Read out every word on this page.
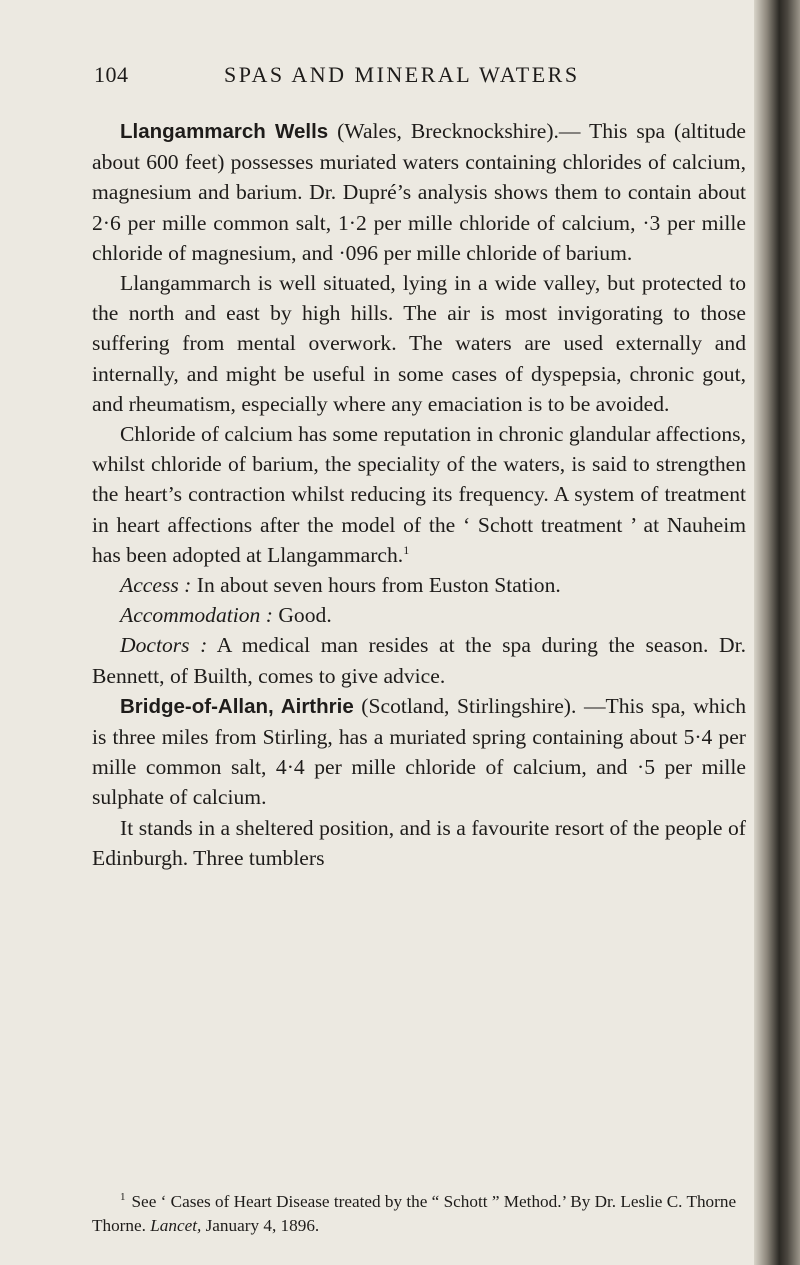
104	SPAS AND MINERAL WATERS

Llangammarch Wells (Wales, Brecknockshire).— This spa (altitude about 600 feet) possesses muriated waters containing chlorides of calcium, magnesium and barium. Dr. Dupré’s analysis shows them to contain about 2·6 per mille common salt, 1·2 per mille chloride of calcium, ·3 per mille chloride of magnesium, and ·096 per mille chloride of barium.

Llangammarch is well situated, lying in a wide valley, but protected to the north and east by high hills. The air is most invigorating to those suffering from mental overwork. The waters are used externally and internally, and might be useful in some cases of dyspepsia, chronic gout, and rheumatism, especially where any emaciation is to be avoided.

Chloride of calcium has some reputation in chronic glandular affections, whilst chloride of barium, the speciality of the waters, is said to strengthen the heart’s contraction whilst reducing its frequency. A system of treatment in heart affections after the model of the ‘ Schott treatment ’ at Nauheim has been adopted at Llangammarch.$^1$

Access : In about seven hours from Euston Station.

Accommodation : Good.

Doctors : A medical man resides at the spa during the season. Dr. Bennett, of Builth, comes to give advice.

Bridge-of-Allan, Airthrie (Scotland, Stirlingshire). —This spa, which is three miles from Stirling, has a muriated spring containing about 5·4 per mille common salt, 4·4 per mille chloride of calcium, and ·5 per mille sulphate of calcium.

It stands in a sheltered position, and is a favourite resort of the people of Edinburgh. Three tumblers

$^1$ See ‘ Cases of Heart Disease treated by the “ Schott ” Method.’ By Dr. Leslie C. Thorne Thorne. Lancet, January 4, 1896.
